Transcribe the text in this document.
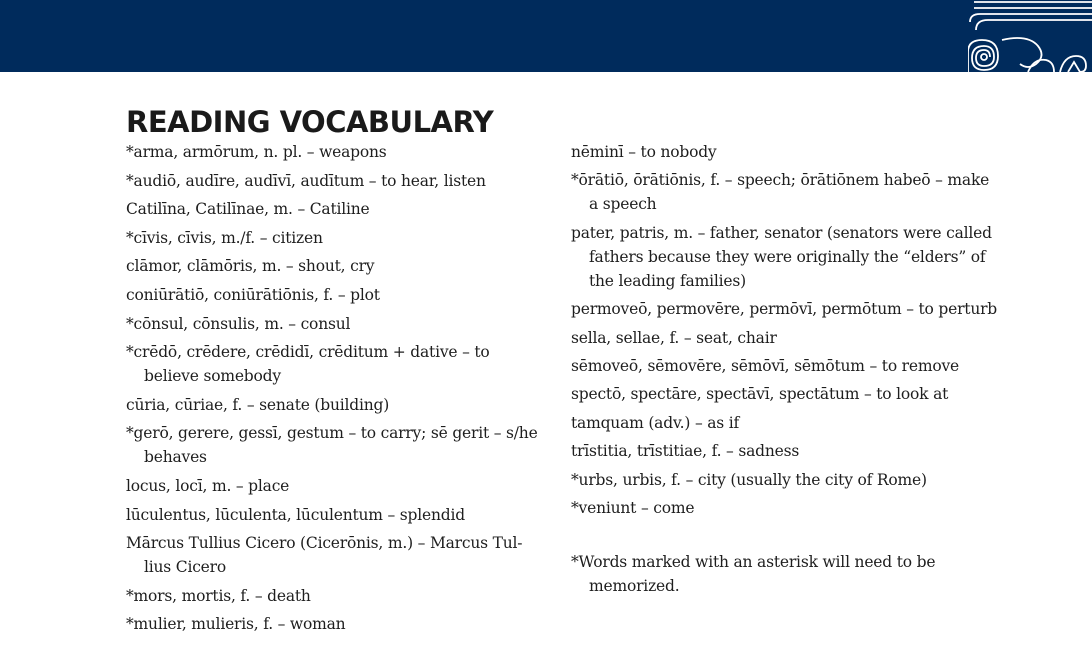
READING VOCABULARY
*arma, armōrum, n. pl. – weapons
*audiō, audīre, audīvī, audītum – to hear, listen
Catilīna, Catilīnae, m. – Catiline
*cīvis, cīvis, m./f. – citizen
clāmor, clāmōris, m. – shout, cry
coniūrātiō, coniūrātiōnis, f. – plot
*cōnsul, cōnsulis, m. – consul
*crēdō, crēdere, crēdidī, crēditum + dative – to believe somebody
cūria, cūriae, f. – senate (building)
*gerō, gerere, gessī, gestum – to carry; sē gerit – s/he behaves
locus, locī, m. – place
lūculentus, lūculenta, lūculentum – splendid
Mārcus Tullius Cicero (Cicerōnis, m.) – Marcus Tul-lius Cicero
*mors, mortis, f. – death
*mulier, mulieris, f. – woman
nēminī – to nobody
*ōrātiō, ōrātiōnis, f. – speech; ōrātiōnem habeō – make a speech
pater, patris, m. – father, senator (senators were called fathers because they were originally the “elders” of the leading families)
permoveō, permovēre, permōvī, permōtum – to perturb
sella, sellae, f. – seat, chair
sēmoveō, sēmovēre, sēmōvī, sēmōtum – to remove
spectō, spectāre, spectāvī, spectātum – to look at
tamquam (adv.) – as if
trīstitia, trīstitiae, f. – sadness
*urbs, urbis, f. – city (usually the city of Rome)
*veniunt – come
*Words marked with an asterisk will need to be memorized.
